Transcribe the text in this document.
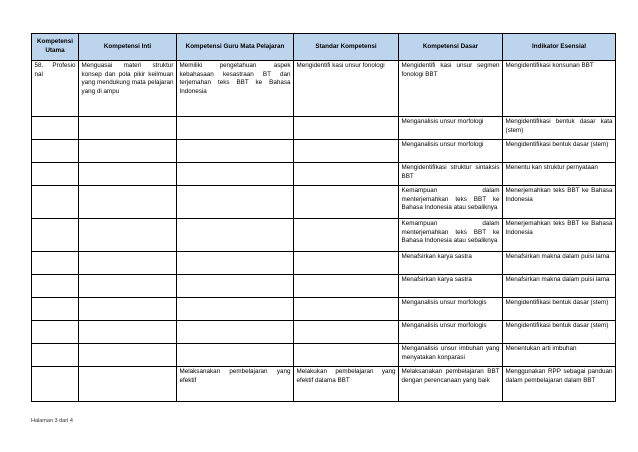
Kompetensi Utama	Kompetensi Inti	Kompetensi Guru Mata Pelajaran	Standar Kompetensi	Kompetensi Dasar	Indikator Esensial
58. Profesio nal	Menguasai materi struktur konsep dan pola pikir keilmuan yang mendukung mata pelajaran yang di ampu	Memiliki pengetahuan aspek kebahasaan kesastraan BT dan terjemahan teks BBT ke Bahasa Indonesia	Mengidentifi kasi unsur fonologi	Mengidentifi kasi unsur segmen fonologi BBT	Mengidentifikasi konsunan BBT
				Menganalisis unsur morfologi	Mengidentifikasi bentuk dasar kata (stem)
				Menganalisis unsur morfologi	Mengidentifikasi bentuk dasar (stem)
				Mengidentifikasi struktur sintaksis BBT	Menentu kan struktur pernyataan
				Kemampuan dalam menterjemahkan teks BBT ke Bahasa Indonesia atau sebaliknya	Menerjemahkan teks BBT ke Bahasa Indonesia
				Kemampuan dalam menterjemahkan teks BBT ke Bahasa Indonesia atau sebaliknya	Menerjemahkan teks BBT ke Bahasa Indonesia
				Menafsirkan karya sastra	Menafsirkan makna dalam puisi lama
				Menafsirkan karya sastra	Menafsirkan makna dalam puisi lama
				Menganalisis unsur morfologis	Mengidentifikasi bentuk dasar (stem)
				Menganalisis unsur morfologis	Mengidentifikasi bentuk dasar (stem)
				Menganalisis unsur imbuhan yang menyatakan konparasi	Menentukan arti imbuhan
		Melaksanakan pembelajaran yang efektif	Melakukan pembelajaran yang efektif dalama BBT	Melaksanakan pembelajaran BBT dengan perencanaan yang baik	Menggunakan RPP sebagai panduan dalam pembelajaran dalam BBT
Halaman 3 dari 4
